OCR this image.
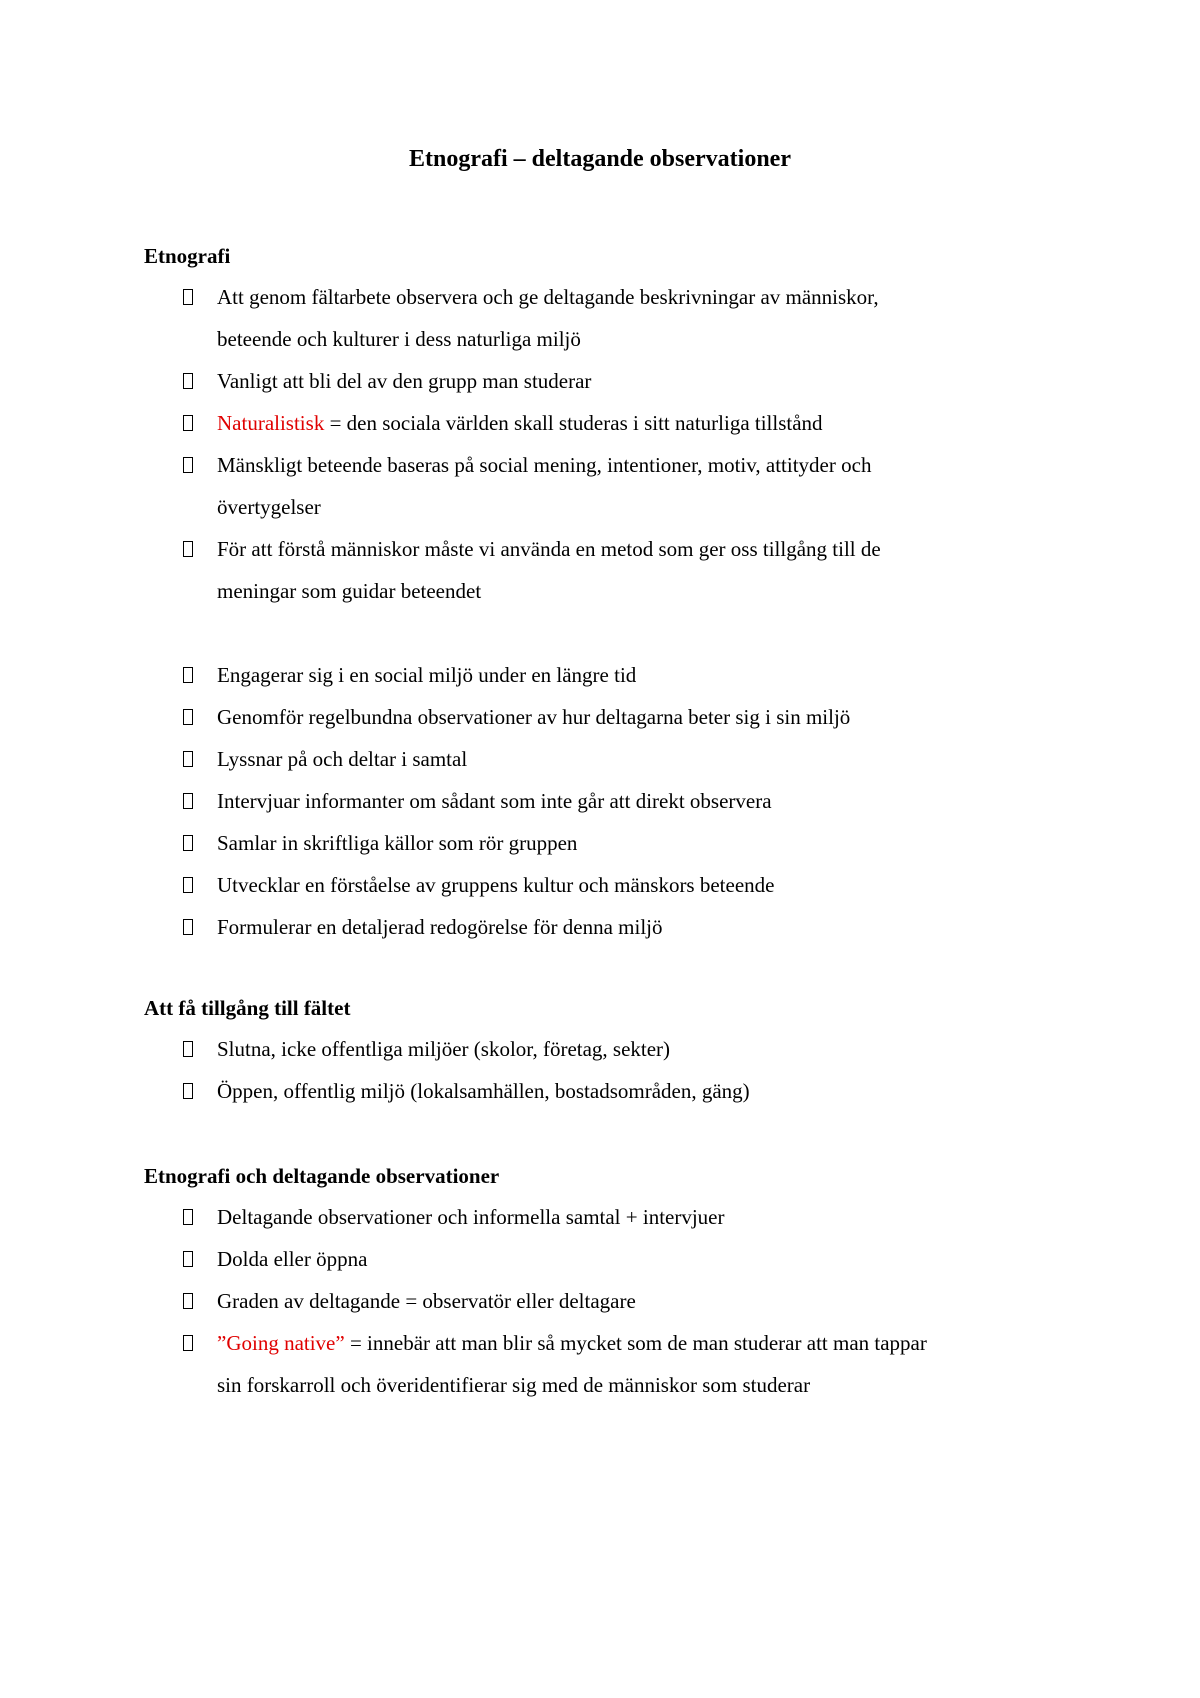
Etnografi – deltagande observationer
Etnografi
Att genom fältarbete observera och ge deltagande beskrivningar av människor,
beteende och kulturer i dess naturliga miljö
Vanligt att bli del av den grupp man studerar
Naturalistisk = den sociala världen skall studeras i sitt naturliga tillstånd
Mänskligt beteende baseras på social mening, intentioner, motiv, attityder och
övertygelser
För att förstå människor måste vi använda en metod som ger oss tillgång till de
meningar som guidar beteendet
Engagerar sig i en social miljö under en längre tid
Genomför regelbundna observationer av hur deltagarna beter sig i sin miljö
Lyssnar på och deltar i samtal
Intervjuar informanter om sådant som inte går att direkt observera
Samlar in skriftliga källor som rör gruppen
Utvecklar en förståelse av gruppens kultur och mänskors beteende
Formulerar en detaljerad redogörelse för denna miljö
Att få tillgång till fältet
Slutna, icke offentliga miljöer (skolor, företag, sekter)
Öppen, offentlig miljö (lokalsamhällen, bostadsområden, gäng)
Etnografi och deltagande observationer
Deltagande observationer och informella samtal + intervjuer
Dolda eller öppna
Graden av deltagande = observatör eller deltagare
”Going native” = innebär att man blir så mycket som de man studerar att man tappar
sin forskarroll och överidentifierar sig med de människor som studerar
